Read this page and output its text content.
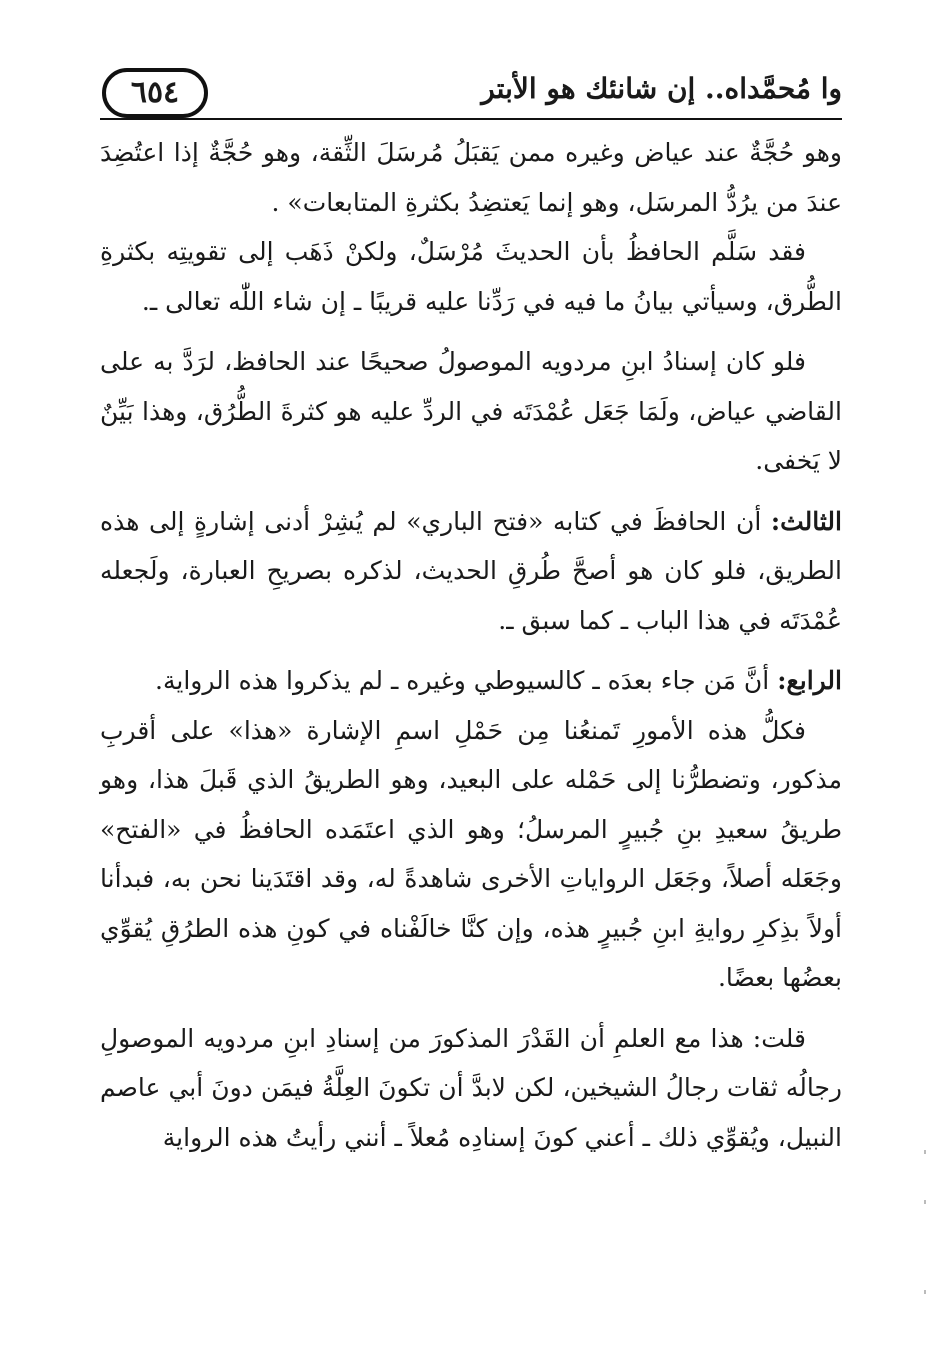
٦٥٤	وا مُحمَّداه.. إن شانئك هو الأبتر

وهو حُجَّةٌ عند عياض وغيره ممن يَقبَلُ مُرسَلَ الثِّقة، وهو حُجَّةٌ إذا اعتُضِدَ عندَ من يرُدُّ المرسَل، وهو إنما يَعتضِدُ بكثرةِ المتابعات» .

فقد سَلَّم الحافظُ بأن الحديثَ مُرْسَلٌ، ولكنْ ذَهَب إلى تقويتِه بكثرةِ الطُّرق، وسيأتي بيانُ ما فيه في رَدِّنا عليه قريبًا ـ إن شاء اللّٰه تعالى ـ.

فلو كان إسنادُ ابنِ مردويه الموصولُ صحيحًا عند الحافظ، لرَدَّ به على القاضي عياض، ولَمَا جَعَل عُمْدَتَه في الردِّ عليه هو كثرةَ الطُّرُق، وهذا بَيِّنٌ لا يَخفى.

الثالث: أن الحافظَ في كتابه «فتح الباري» لم يُشِرْ أدنى إشارةٍ إلى هذه الطريق، فلو كان هو أصحَّ طُرقِ الحديث، لذكره بصريحِ العبارة، ولَجعله عُمْدَتَه في هذا الباب ـ كما سبق ـ.

الرابع: أنَّ مَن جاء بعدَه ـ كالسيوطي وغيره ـ لم يذكروا هذه الرواية.

فكلُّ هذه الأمورِ تَمنعُنا مِن حَمْلِ اسمِ الإشارة «هذا» على أقربِ مذكور، وتضطرُّنا إلى حَمْله على البعيد، وهو الطريقُ الذي قَبلَ هذا، وهو طريقُ سعيدِ بنِ جُبيرٍ المرسلُ؛ وهو الذي اعتَمَده الحافظُ في «الفتح» وجَعَله أصلاً، وجَعَل الرواياتِ الأخرى شاهدةً له، وقد اقتَدَينا نحن به، فبدأنا أولاً بذِكرِ روايةِ ابنِ جُبيرٍ هذه، وإن كنَّا خالَفْناه في كونِ هذه الطرُقِ يُقوِّي بعضُها بعضًا.

قلت: هذا مع العلمِ أن القَدْرَ المذكورَ من إسنادِ ابنِ مردويه الموصولِ رجالُه ثقات رجالُ الشيخين، لكن لابدَّ أن تكونَ العِلَّةُ فيمَن دونَ أبي عاصم النبيل، ويُقوِّي ذلك ـ أعني كونَ إسنادِه مُعلاً ـ أنني رأيتُ هذه الرواية
